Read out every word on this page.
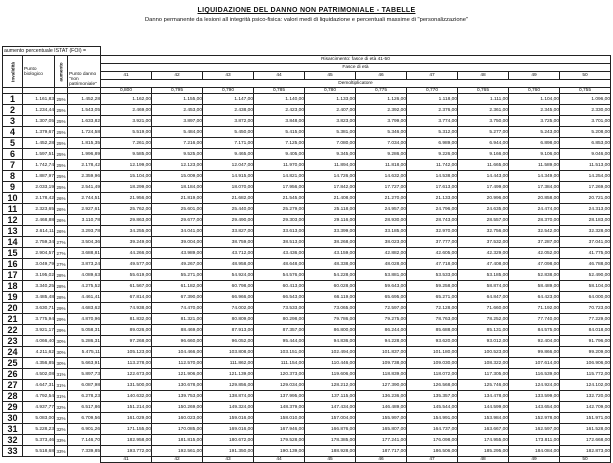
LIQUIDAZIONE DEL DANNO NON PATRIMONIALE - TABELLE
Danno permanente da lesioni all integrità psico-fisica: valori medi di liquidazione e percentuali massime di "personalizzazione"
aumento percentuale ISTAT (FOI) =													

Invalidità	Punto biologico	aumento	Punto danno "non patrimoniale"	Risarcimento: fasce di età 41-50									
				Fasce di età									
				41	42	43	44	45	46	47	48	49	50
				Demoltiplicatore									
				0,800	0,795	0,790	0,785	0,780	0,775	0,770	0,765	0,760	0,755
1	1.161,83	25%	1.452,28	1.162,00	1.155,00	1.147,00	1.140,00	1.133,00	1.126,00	1.118,00	1.111,00	1.104,00	1.096,00
2	1.234,44	25%	1.543,05	2.469,00	2.453,00	2.438,00	2.423,00	2.407,00	2.392,00	2.376,00	2.361,00	2.345,00	2.330,00
3	1.307,05	25%	1.633,82	3.921,00	3.897,00	3.872,00	3.848,00	3.823,00	3.799,00	3.774,00	3.750,00	3.725,00	3.701,00
4	1.379,67	25%	1.724,58	5.519,00	5.484,00	5.450,00	5.415,00	5.381,00	5.346,00	5.312,00	5.277,00	5.243,00	5.208,00
5	1.452,28	25%	1.815,35	7.261,00	7.216,00	7.171,00	7.125,00	7.080,00	7.034,00	6.989,00	6.944,00	6.898,00	6.853,00
6	1.597,51	25%	1.996,89	9.585,00	9.525,00	9.465,00	9.405,00	9.345,00	9.286,00	9.226,00	9.166,00	9.106,00	9.046,00
7	1.742,74	25%	2.178,42	12.199,00	12.123,00	12.047,00	11.970,00	11.894,00	11.818,00	11.742,00	11.665,00	11.589,00	11.513,00
8	1.887,97	25%	2.359,96	15.104,00	15.009,00	14.915,00	14.821,00	14.726,00	14.632,00	14.538,00	14.443,00	14.349,00	14.254,00
9	2.033,19	25%	2.541,49	18.299,00	18.184,00	18.070,00	17.956,00	17.842,00	17.727,00	17.613,00	17.499,00	17.384,00	17.269,00
10	2.178,42	26%	2.744,51	21.956,00	21.819,00	21.682,00	21.545,00	21.408,00	21.270,00	21.133,00	20.996,00	20.858,00	20.721,00
11	2.323,65	26%	2.927,61	25.762,00	25.601,00	25.440,00	25.279,00	25.118,00	24.957,00	24.796,00	24.635,00	24.474,00	24.313,00
12	2.468,88	26%	3.110,78	29.863,00	29.677,00	29.490,00	29.303,00	29.116,00	28.930,00	28.743,00	28.557,00	28.370,00	28.183,00
13	2.614,11	26%	3.293,78	34.255,00	34.041,00	33.827,00	33.613,00	33.399,00	33.185,00	32.970,00	32.756,00	32.542,00	32.328,00
14	2.759,34	27%	3.504,36	39.249,00	39.004,00	38.759,00	38.513,00	38.268,00	38.023,00	37.777,00	37.532,00	37.287,00	37.041,00
15	2.904,57	27%	3.688,81	44.266,00	43.989,00	43.712,00	43.436,00	43.159,00	42.882,00	42.605,00	42.329,00	42.052,00	41.775,00
16	3.049,79	27%	3.873,24	49.577,00	49.267,00	48.958,00	48.648,00	48.338,00	48.028,00	47.718,00	47.408,00	47.098,00	46.788,00
17	3.195,02	28%	4.089,63	55.619,00	55.271,00	54.924,00	54.576,00	54.228,00	53.881,00	53.533,00	53.185,00	52.838,00	52.490,00
18	3.340,25	28%	4.275,52	61.567,00	61.182,00	60.798,00	60.413,00	60.028,00	59.643,00	59.258,00	58.874,00	58.489,00	58.104,00
19	3.485,48	28%	4.461,41	67.814,00	67.390,00	66.966,00	66.543,00	66.119,00	65.695,00	65.271,00	64.847,00	64.423,00	64.000,00
20	3.630,71	29%	4.683,62	74.938,00	74.470,00	74.002,00	73.533,00	73.065,00	72.597,00	72.128,00	71.660,00	71.192,00	70.723,00
21	3.775,94	29%	4.870,96	81.832,00	81.321,00	80.809,00	80.298,00	79.786,00	79.275,00	78.763,00	78.252,00	77.740,00	77.229,00
22	3.921,17	29%	5.058,31	89.026,00	88.469,00	87.913,00	87.357,00	86.800,00	86.244,00	85.688,00	85.131,00	84.575,00	84.018,00
23	4.066,40	30%	5.286,31	97.268,00	96.660,00	96.052,00	95.444,00	94.836,00	94.228,00	93.620,00	93.012,00	92.404,00	91.796,00
24	4.211,62	30%	5.475,11	105.123,00	104.466,00	103.808,00	103.151,00	102.494,00	101.837,00	101.180,00	100.523,00	99.866,00	99.209,00
25	4.356,85	30%	5.663,91	113.278,00	112.570,00	111.862,00	111.154,00	110.446,00	109.738,00	109.030,00	108.322,00	107.614,00	106.906,00
26	4.502,08	31%	5.897,73	122.673,00	121.906,00	121.139,00	120.373,00	119.606,00	118.839,00	118.072,00	117.305,00	116.539,00	115.772,00
27	4.647,31	31%	6.087,98	131.500,00	130.678,00	129.856,00	129.034,00	128.212,00	127.390,00	126.568,00	125.746,00	124.924,00	124.102,00
28	4.792,54	31%	6.278,23	140.632,00	139.753,00	138.874,00	137.995,00	137.115,00	136.236,00	135.357,00	134.478,00	133.599,00	132.720,00
29	4.937,77	32%	6.517,86	151.214,00	150.269,00	149.324,00	148.379,00	147.434,00	146.489,00	145.544,00	144.599,00	143.654,00	142.709,00
30	5.083,00	32%	6.709,56	161.029,00	160.023,00	159.016,00	158.010,00	157.004,00	155.997,00	154.991,00	153.984,00	152.978,00	151.971,00
31	5.228,23	32%	6.901,26	171.155,00	170.085,00	169.016,00	167.946,00	166.876,00	165.807,00	164.737,00	163.667,00	162.597,00	161.528,00
32	5.373,46	33%	7.146,70	182.958,00	181.815,00	180.672,00	179.528,00	178.385,00	177.241,00	176.098,00	174.955,00	173.811,00	172.668,00
33	5.518,68	33%	7.339,85	193.772,00	192.561,00	191.350,00	190.139,00	188.928,00	187.717,00	186.506,00	185.295,00	184.084,00	182.873,00
				41	42	43	44	45	46	47	48	49	50
